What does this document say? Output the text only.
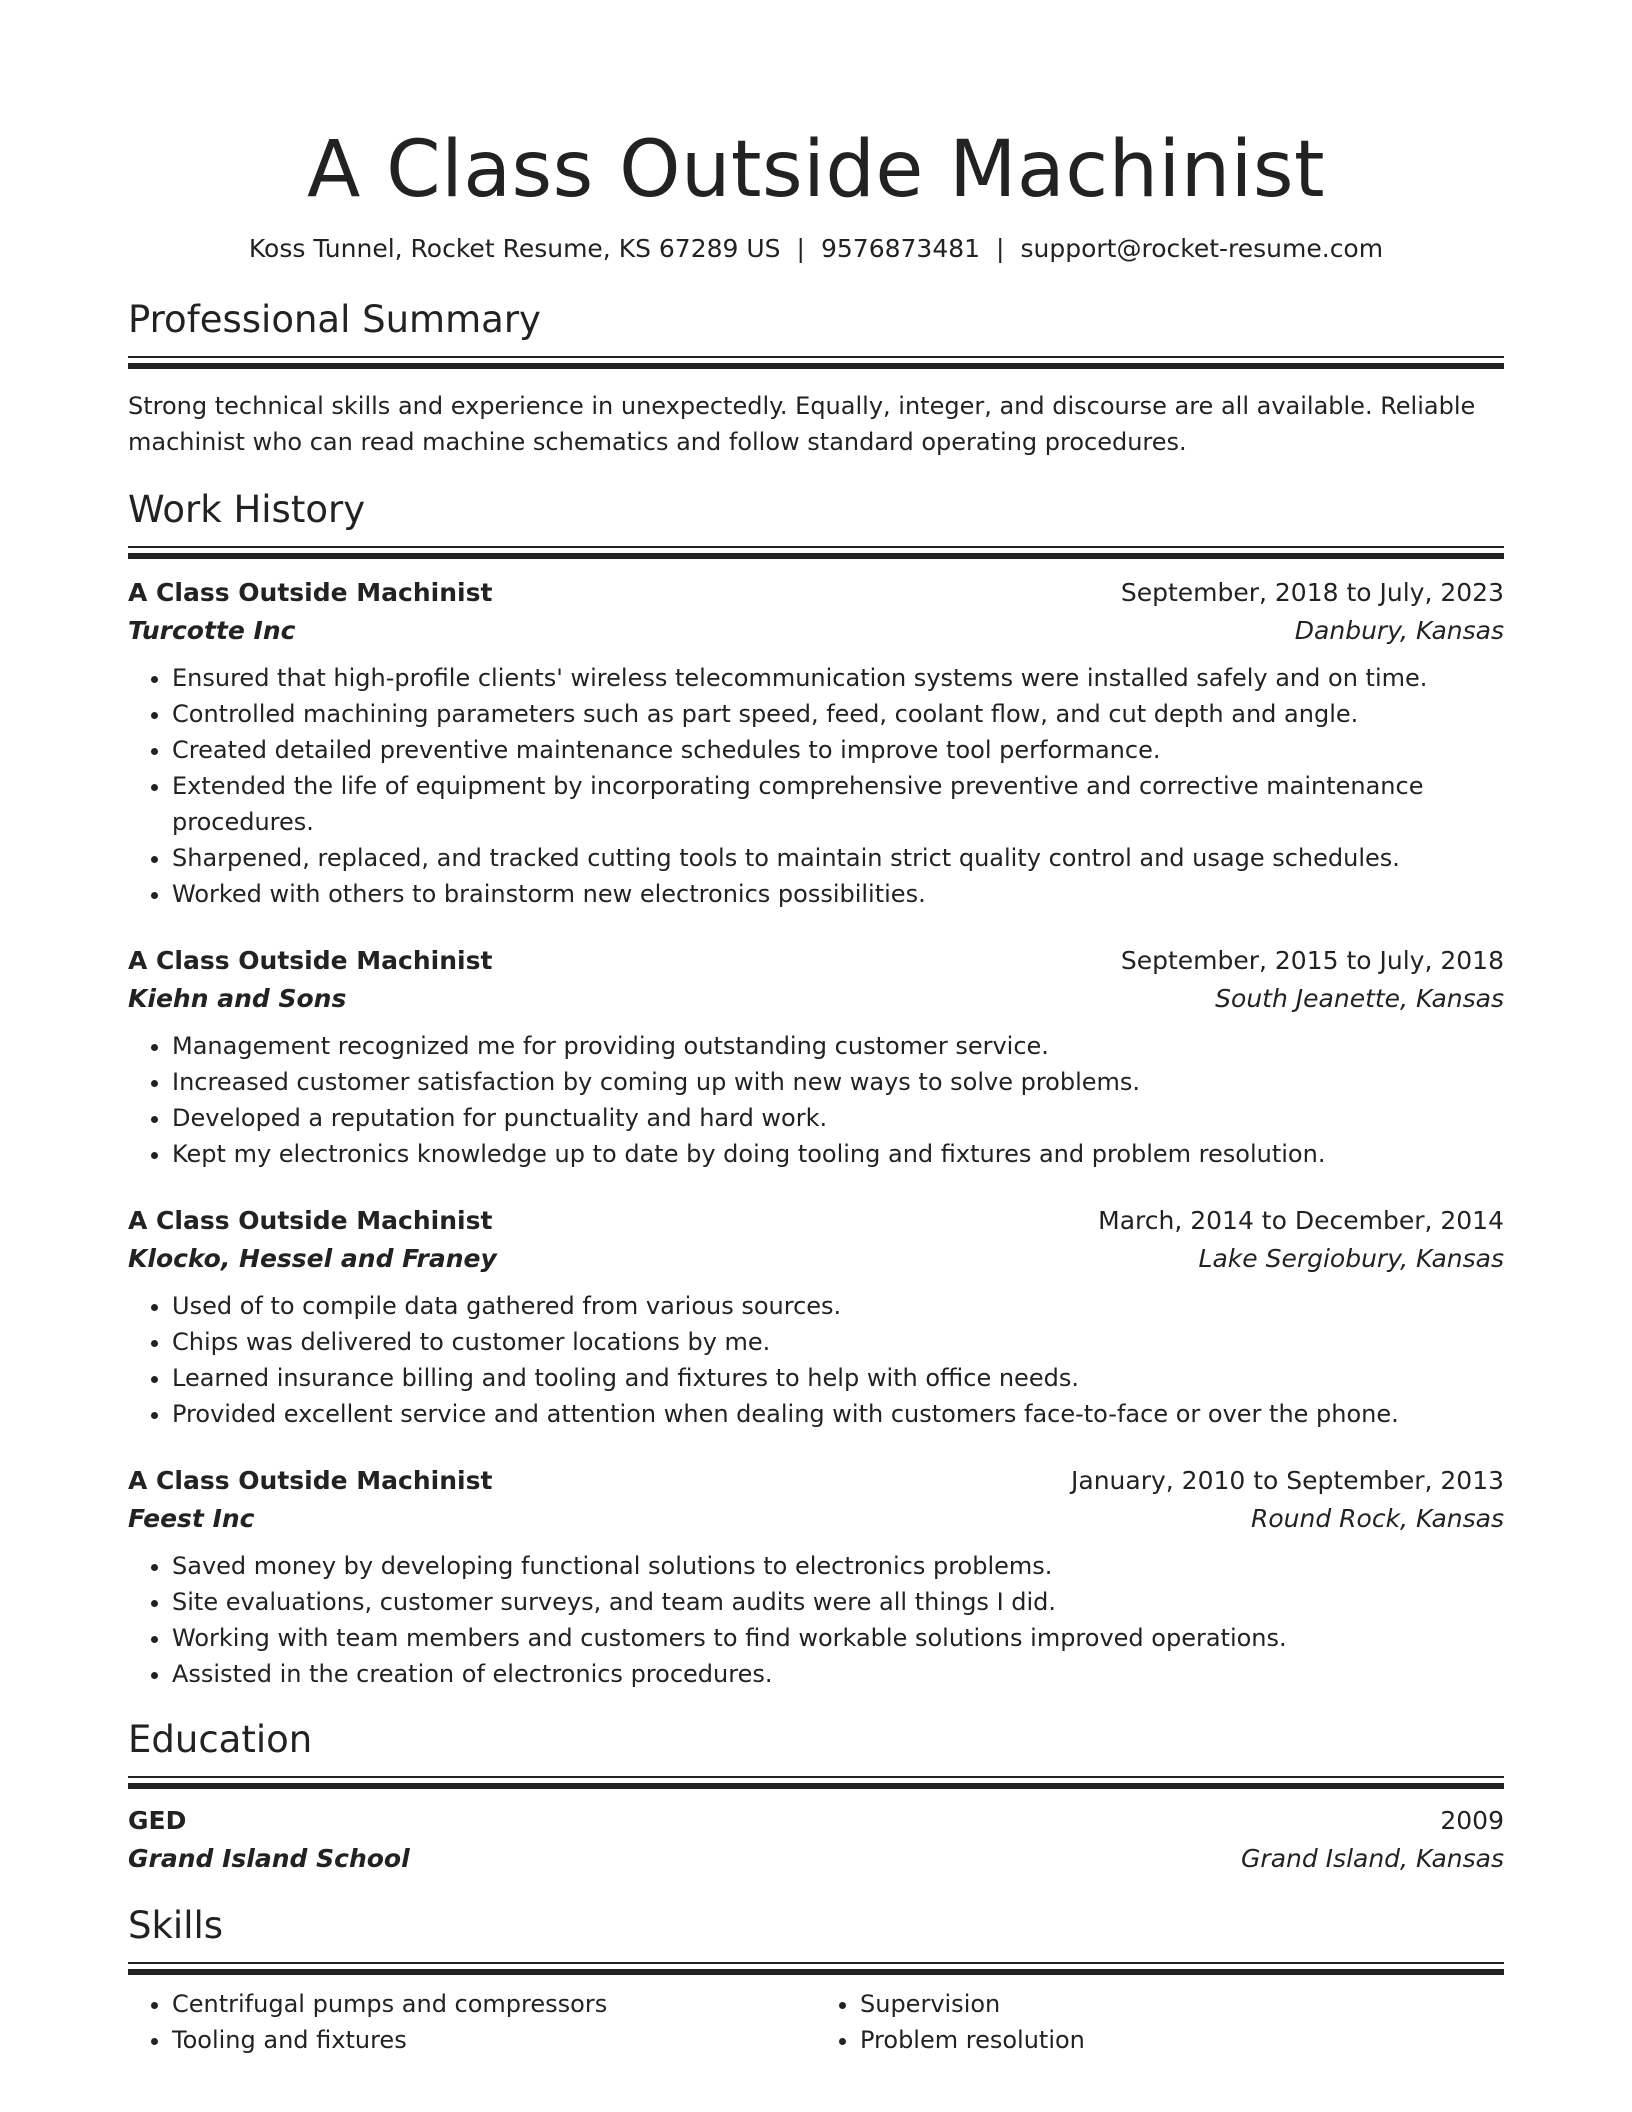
A Class Outside Machinist
Koss Tunnel, Rocket Resume, KS 67289 US | 9576873481 | support@rocket-resume.com
Professional Summary
Strong technical skills and experience in unexpectedly. Equally, integer, and discourse are all available. Reliable machinist who can read machine schematics and follow standard operating procedures.
Work History
A Class Outside Machinist	September, 2018 to July, 2023
Turcotte Inc	Danbury, Kansas
• Ensured that high-profile clients' wireless telecommunication systems were installed safely and on time.
• Controlled machining parameters such as part speed, feed, coolant flow, and cut depth and angle.
• Created detailed preventive maintenance schedules to improve tool performance.
• Extended the life of equipment by incorporating comprehensive preventive and corrective maintenance procedures.
• Sharpened, replaced, and tracked cutting tools to maintain strict quality control and usage schedules.
• Worked with others to brainstorm new electronics possibilities.
A Class Outside Machinist	September, 2015 to July, 2018
Kiehn and Sons	South Jeanette, Kansas
• Management recognized me for providing outstanding customer service.
• Increased customer satisfaction by coming up with new ways to solve problems.
• Developed a reputation for punctuality and hard work.
• Kept my electronics knowledge up to date by doing tooling and fixtures and problem resolution.
A Class Outside Machinist	March, 2014 to December, 2014
Klocko, Hessel and Franey	Lake Sergiobury, Kansas
• Used of to compile data gathered from various sources.
• Chips was delivered to customer locations by me.
• Learned insurance billing and tooling and fixtures to help with office needs.
• Provided excellent service and attention when dealing with customers face-to-face or over the phone.
A Class Outside Machinist	January, 2010 to September, 2013
Feest Inc	Round Rock, Kansas
• Saved money by developing functional solutions to electronics problems.
• Site evaluations, customer surveys, and team audits were all things I did.
• Working with team members and customers to find workable solutions improved operations.
• Assisted in the creation of electronics procedures.
Education
GED	2009
Grand Island School	Grand Island, Kansas
Skills
• Centrifugal pumps and compressors
• Tooling and fixtures
• Supervision
• Problem resolution
